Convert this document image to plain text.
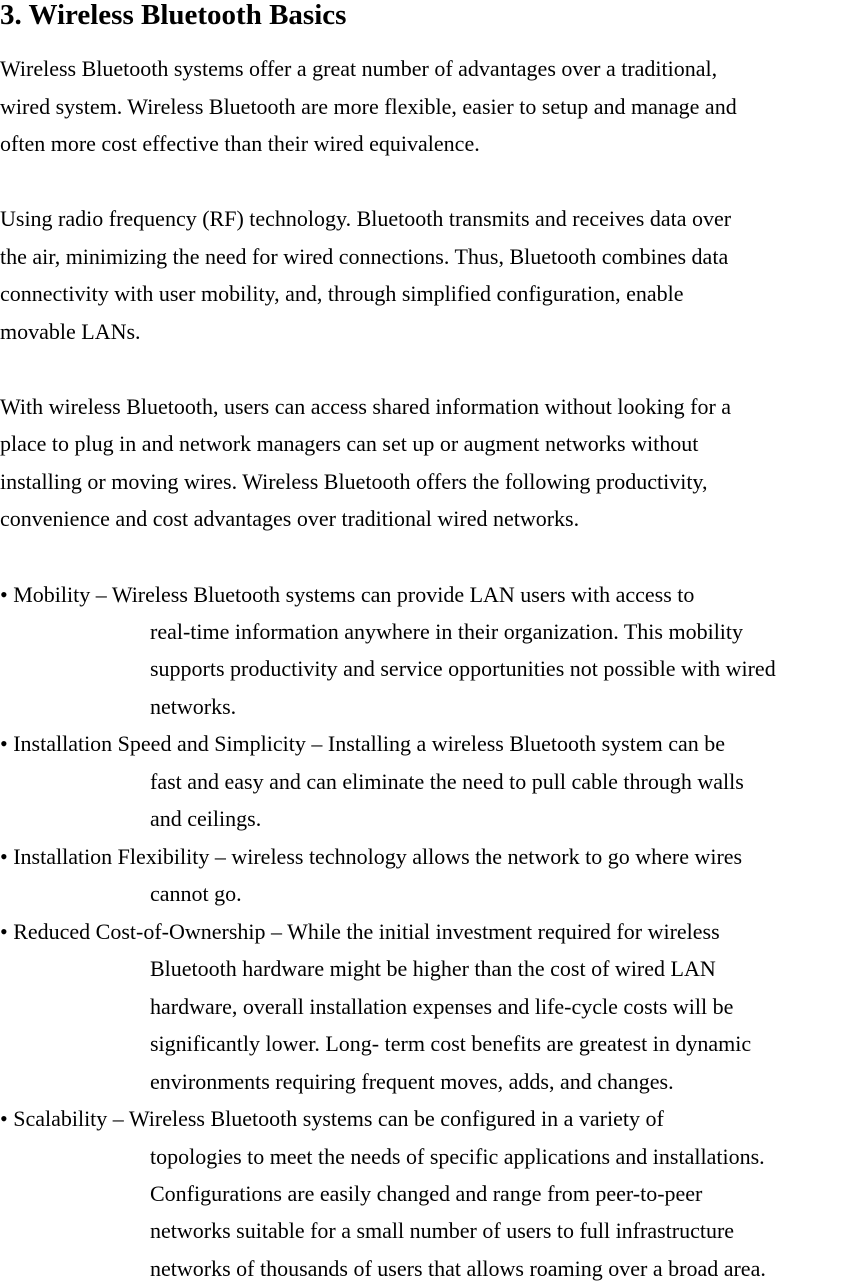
3. Wireless Bluetooth Basics
Wireless Bluetooth systems offer a great number of advantages over a traditional,
wired system. Wireless Bluetooth are more flexible, easier to setup and manage and
often more cost effective than their wired equivalence.
Using radio frequency (RF) technology. Bluetooth transmits and receives data over
the air, minimizing the need for wired connections. Thus, Bluetooth combines data
connectivity with user mobility, and, through simplified configuration, enable
movable LANs.
With wireless Bluetooth, users can access shared information without looking for a
place to plug in and network managers can set up or augment networks without
installing or moving wires. Wireless Bluetooth offers the following productivity,
convenience and cost advantages over traditional wired networks.
• Mobility – Wireless Bluetooth systems can provide LAN users with access to
real-time information anywhere in their organization. This mobility
supports productivity and service opportunities not possible with wired
networks.
• Installation Speed and Simplicity – Installing a wireless Bluetooth system can be
fast and easy and can eliminate the need to pull cable through walls
and ceilings.
• Installation Flexibility – wireless technology allows the network to go where wires
cannot go.
• Reduced Cost-of-Ownership – While the initial investment required for wireless
Bluetooth hardware might be higher than the cost of wired LAN
hardware, overall installation expenses and life-cycle costs will be
significantly lower. Long- term cost benefits are greatest in dynamic
environments requiring frequent moves, adds, and changes.
• Scalability – Wireless Bluetooth systems can be configured in a variety of
topologies to meet the needs of specific applications and installations.
Configurations are easily changed and range from peer-to-peer
networks suitable for a small number of users to full infrastructure
networks of thousands of users that allows roaming over a broad area.
